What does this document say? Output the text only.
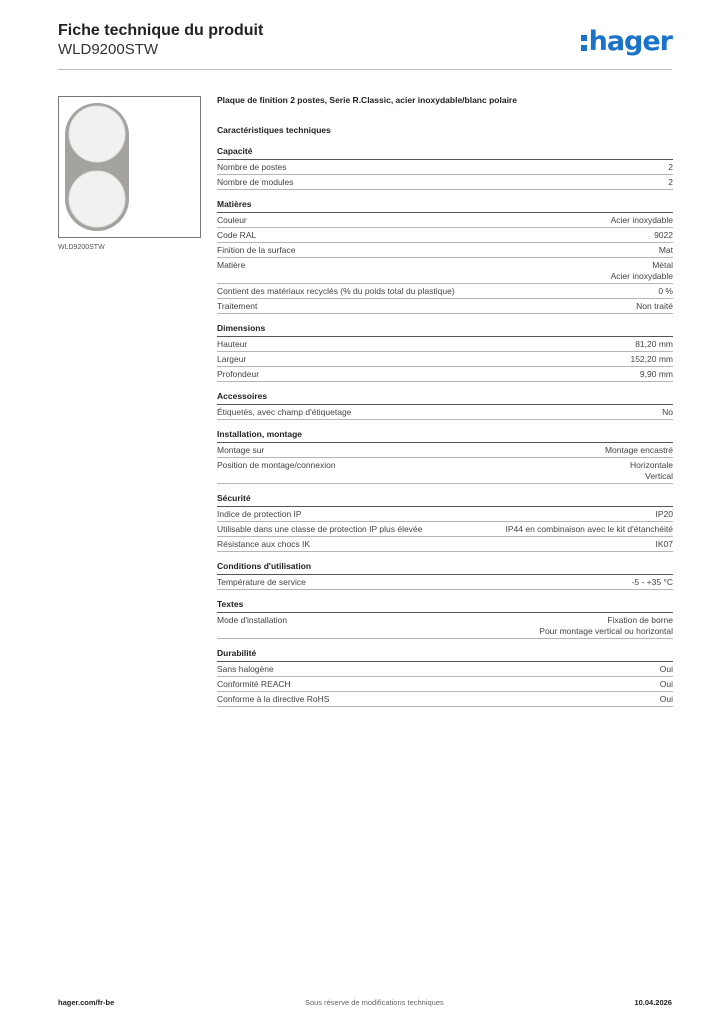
Fiche technique du produit
WLD9200STW	hager
WLD9200STW
Plaque de finition 2 postes, Serie R.Classic, acier inoxydable/blanc polaire
Caractéristiques techniques
Capacité
Nombre de postes	2
Nombre de modules	2
Matières
Couleur	Acier inoxydable
Code RAL	9022
Finition de la surface	Mat
Matière	Métal
Acier inoxydable
Contient des matériaux recyclés (% du poids total du plastique)	0 %
Traitement	Non traité
Dimensions
Hauteur	81,20 mm
Largeur	152,20 mm
Profondeur	9,90 mm
Accessoires
Étiquetés, avec champ d'étiquetage	No
Installation, montage
Montage sur	Montage encastré
Position de montage/connexion	Horizontale
Vertical
Sécurité
Indice de protection IP	IP20
Utilisable dans une classe de protection IP plus élevée	IP44 en combinaison avec le kit d'étanchéité
Résistance aux chocs IK	IK07
Conditions d'utilisation
Température de service	-5 - +35 °C
Textes
Mode d'installation	Fixation de borne
Pour montage vertical ou horizontal
Durabilité
Sans halogène	Oui
Conformité REACH	Oui
Conforme à la directive RoHS	Oui
hager.com/fr-be	Sous réserve de modifications techniques	10.04.2026
